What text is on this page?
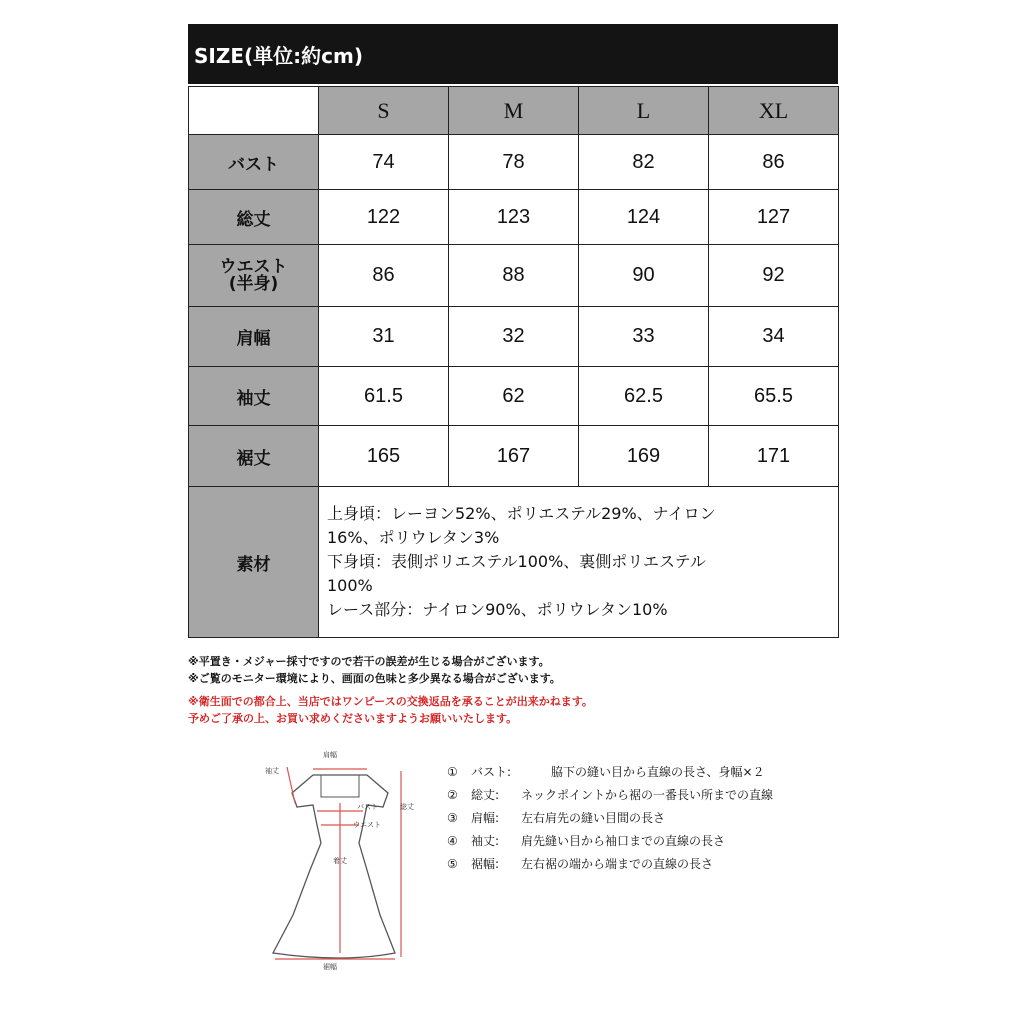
SIZE(単位:約cm)
	S	M	L	XL
バスト	74	78	82	86
総丈	122	123	124	127

ウエスト
(半身)	86	88	90	92
肩幅	31	32	33	34
袖丈	61.5	62	62.5	65.5
裾丈	165	167	169	171
素材	上身頃：レーヨン52%、ポリエステル29%、ナイロン
16%、ポリウレタン3%
下身頃：表側ポリエステル100%、裏側ポリエステル
100%
レース部分：ナイロン90%、ポリウレタン10%			
※平置き・メジャー採寸ですので若干の誤差が生じる場合がございます。
※ご覧のモニター環境により、画面の色味と多少異なる場合がございます。
※衛生面での都合上、当店ではワンピースの交換返品を承ることが出来かねます。
予めご了承の上、お買い求めくださいますようお願いいたします。
肩幅
袖丈
バスト
ウエスト
着丈
総丈
裾幅
①	バスト:	脇下の縫い目から直線の長さ、身幅×２
②	総丈:	ネックポイントから裾の一番長い所までの直線
③	肩幅:	左右肩先の縫い目間の長さ
④	袖丈:	肩先縫い目から袖口までの直線の長さ
⑤	裾幅:	左右裾の端から端までの直線の長さ
